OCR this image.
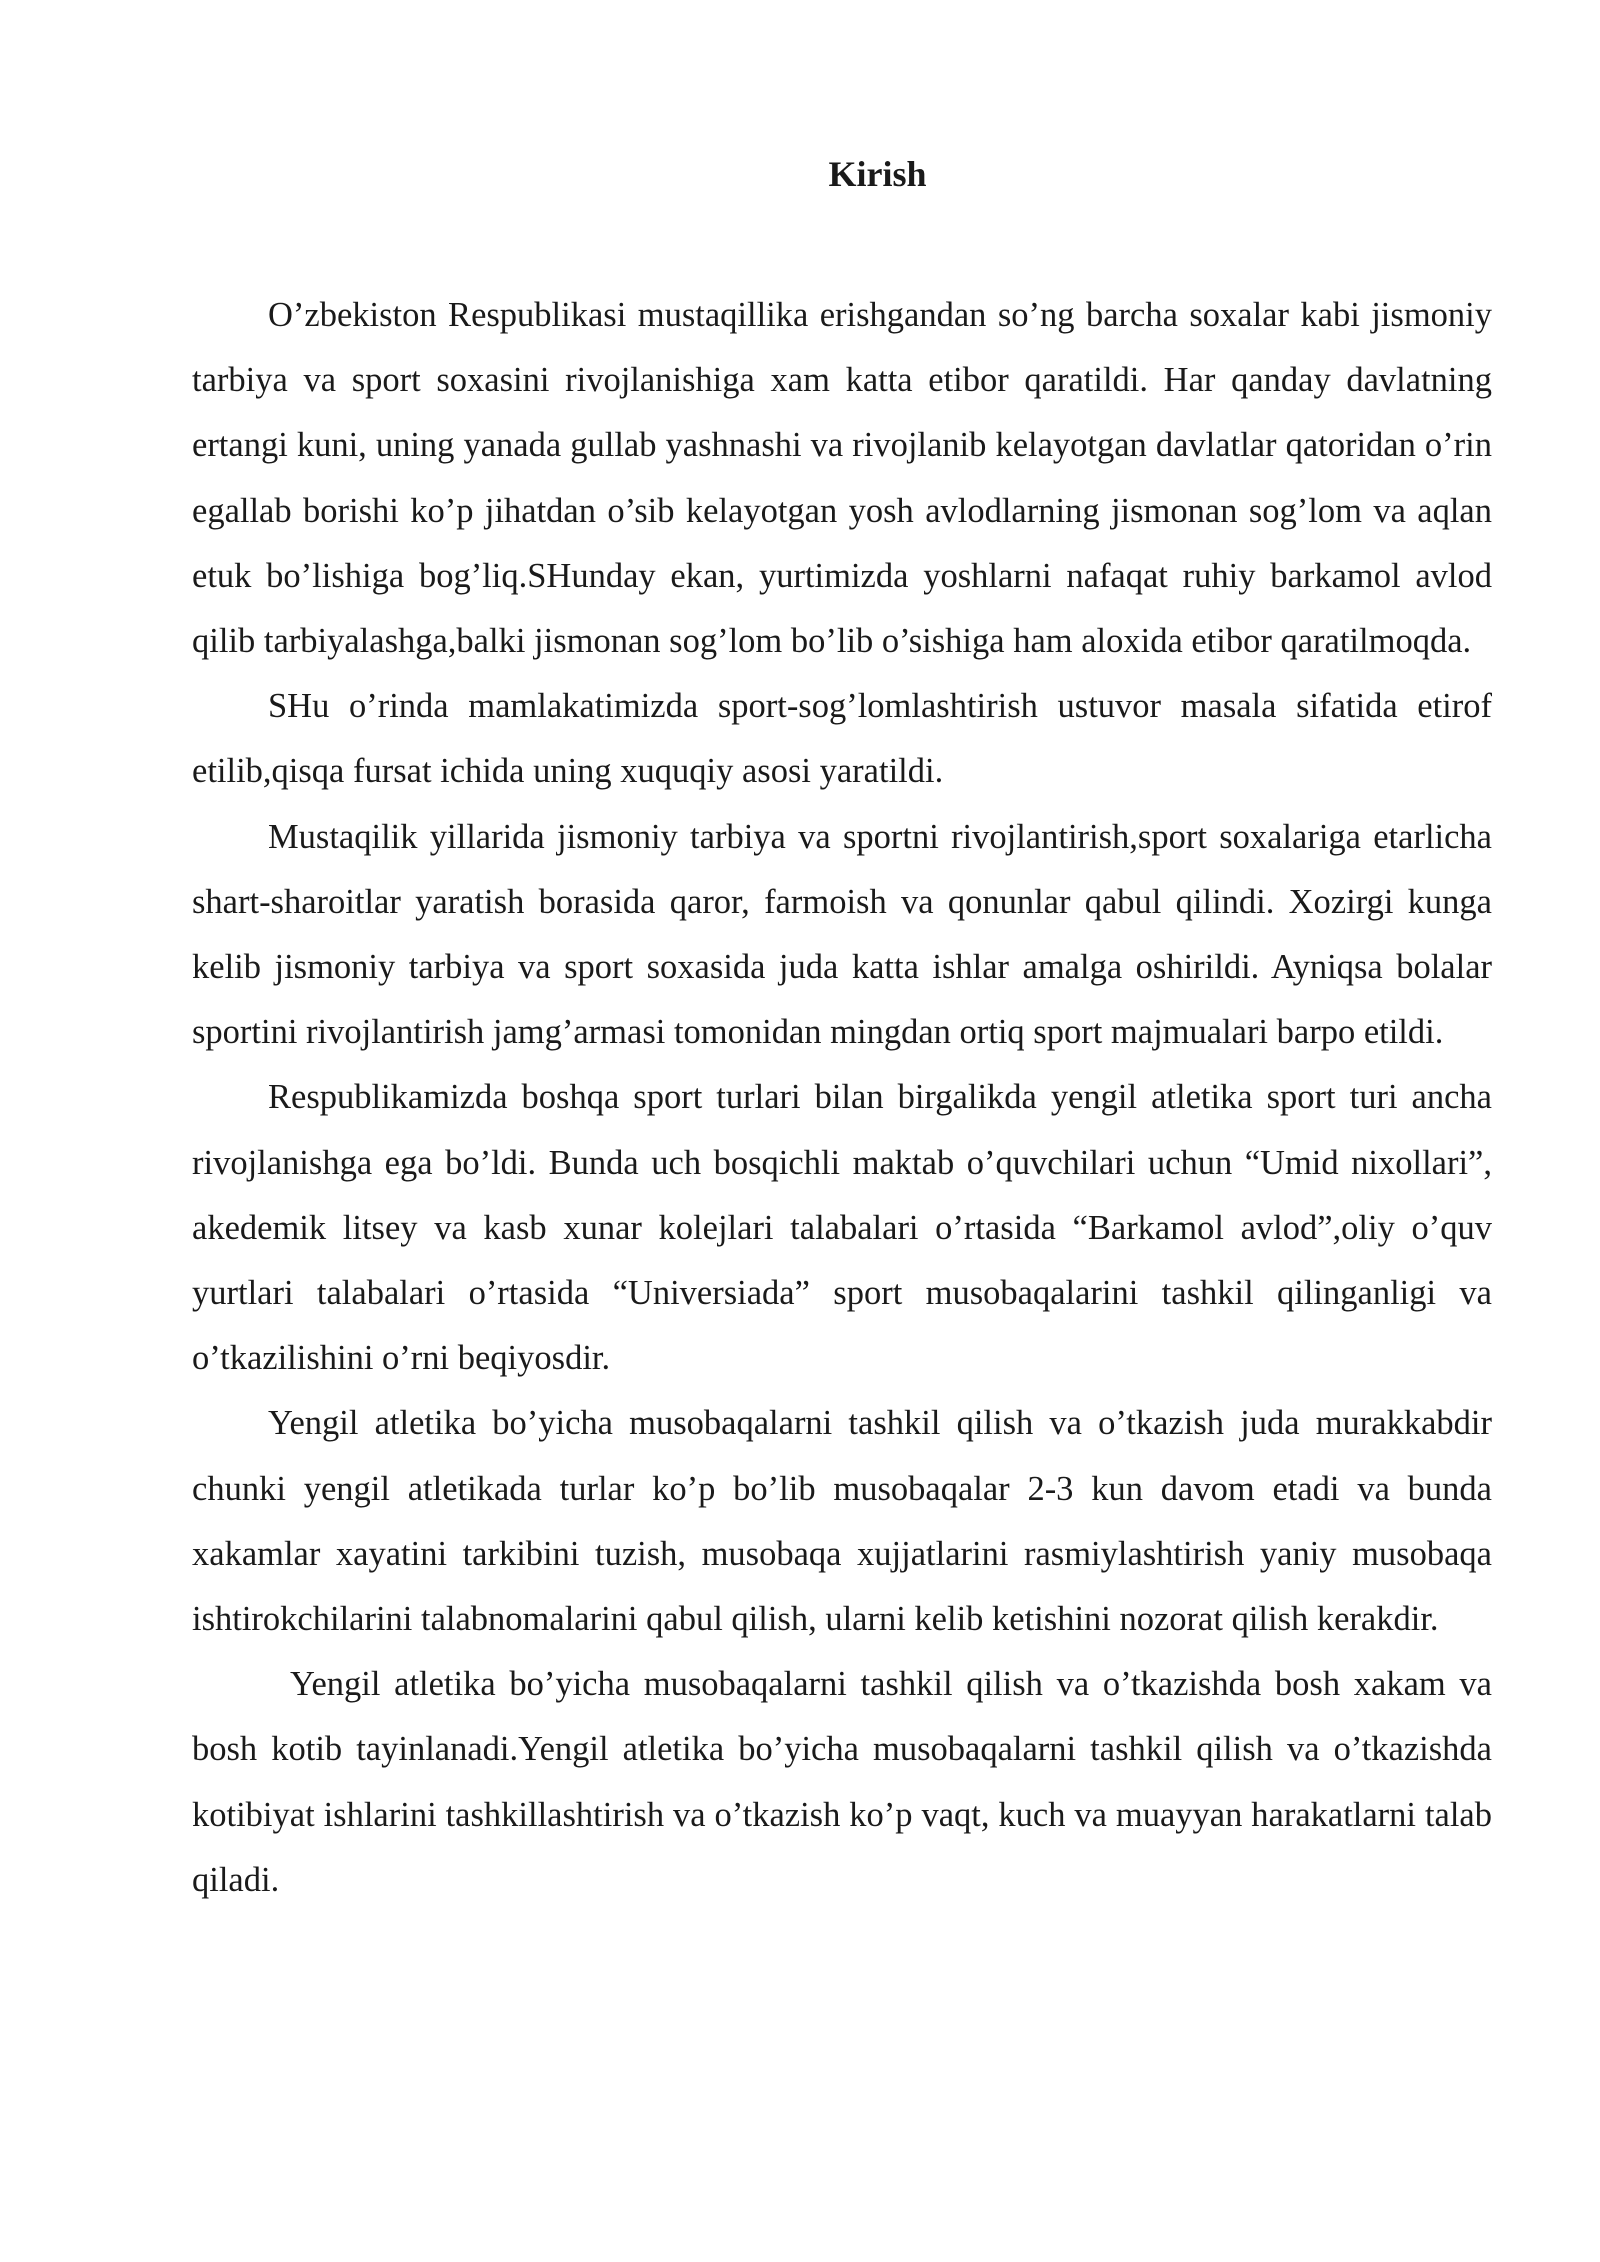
Kirish

O’zbekiston Respublikasi mustaqillika erishgandan so’ng barcha soxalar kabi jismoniy tarbiya va sport soxasini rivojlanishiga xam katta etibor qaratildi. Har qanday davlatning ertangi kuni, uning yanada gullab yashnashi va rivojlanib kelayotgan davlatlar qatoridan o’rin egallab borishi ko’p jihatdan o’sib kelayotgan yosh avlodlarning jismonan sog’lom va aqlan etuk bo’lishiga bog’liq.SHunday ekan, yurtimizda yoshlarni nafaqat ruhiy barkamol avlod qilib tarbiyalashga,balki jismonan sog’lom bo’lib o’sishiga ham aloxida etibor qaratilmoqda.

SHu o’rinda mamlakatimizda sport-sog’lomlashtirish ustuvor masala sifatida etirof etilib,qisqa fursat ichida uning xuquqiy asosi yaratildi.

Mustaqilik yillarida jismoniy tarbiya va sportni rivojlantirish,sport soxalariga etarlicha shart-sharoitlar yaratish borasida qaror, farmoish va qonunlar qabul qilindi. Xozirgi kunga kelib jismoniy tarbiya va sport soxasida juda katta ishlar amalga oshirildi. Ayniqsa bolalar sportini rivojlantirish jamg’armasi tomonidan mingdan ortiq sport majmualari barpo etildi.

Respublikamizda boshqa sport turlari bilan birgalikda yengil atletika sport turi ancha rivojlanishga ega bo’ldi. Bunda uch bosqichli maktab o’quvchilari uchun “Umid nixollari”, akedemik litsey va kasb xunar kolejlari talabalari o’rtasida “Barkamol avlod”,oliy o’quv yurtlari talabalari o’rtasida “Universiada” sport musobaqalarini tashkil qilinganligi va o’tkazilishini o’rni beqiyosdir.

Yengil atletika bo’yicha musobaqalarni tashkil qilish va o’tkazish juda murakkabdir chunki yengil atletikada turlar ko’p bo’lib musobaqalar 2-3 kun davom etadi va bunda xakamlar xayatini tarkibini tuzish, musobaqa xujjatlarini rasmiylashtirish yaniy musobaqa ishtirokchilarini talabnomalarini qabul qilish, ularni kelib ketishini nozorat qilish kerakdir.

Yengil atletika bo’yicha musobaqalarni tashkil qilish va o’tkazishda bosh xakam va bosh kotib tayinlanadi.Yengil atletika bo’yicha musobaqalarni tashkil qilish va o’tkazishda kotibiyat ishlarini tashkillashtirish va o’tkazish ko’p vaqt, kuch va muayyan harakatlarni talab qiladi.
